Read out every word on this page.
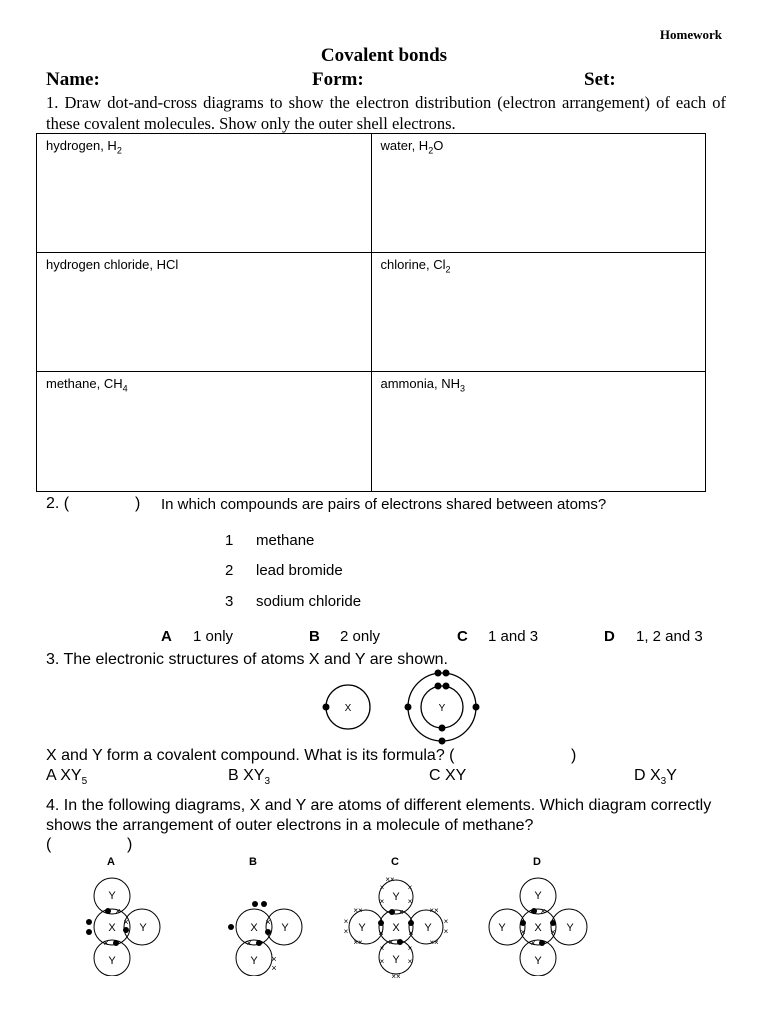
Homework
Covalent bonds
Name:	Form:	Set:
1. Draw dot-and-cross diagrams to show the electron distribution (electron arrangement) of each of these covalent molecules. Show only the outer shell electrons.
hydrogen, $H_2$	water, $H_2O$
hydrogen chloride, HCl	chlorine, $Cl_2$
methane, $CH_4$	ammonia, $NH_3$
2. (	) In which compounds are pairs of electrons shared between atoms?
1 methane
2 lead bromide
3 sodium chloride
A 1 only	B 2 only	C 1 and 3	D 1, 2 and 3
3. The electronic structures of atoms X and Y are shown.
X	Y
X and Y form a covalent compound. What is its formula? (	)
A $XY_5$	B $XY_3$	C XY	D $X_3Y$
4. In the following diagrams, X and Y are atoms of different elements. Which diagram correctly shows the arrangement of outer electrons in a molecule of methane?
(	)
A
X
Y
Y
Y
×
×
×
B
X
Y
Y
×
×
×
×
C
X
Y
Y
Y	Y
×
×
×	×
××
×	×
×	×
××
×	×
×	×
×
×
××
××
×
×
××
××
D
X
Y
Y
Y	Y
×
×
×	×
